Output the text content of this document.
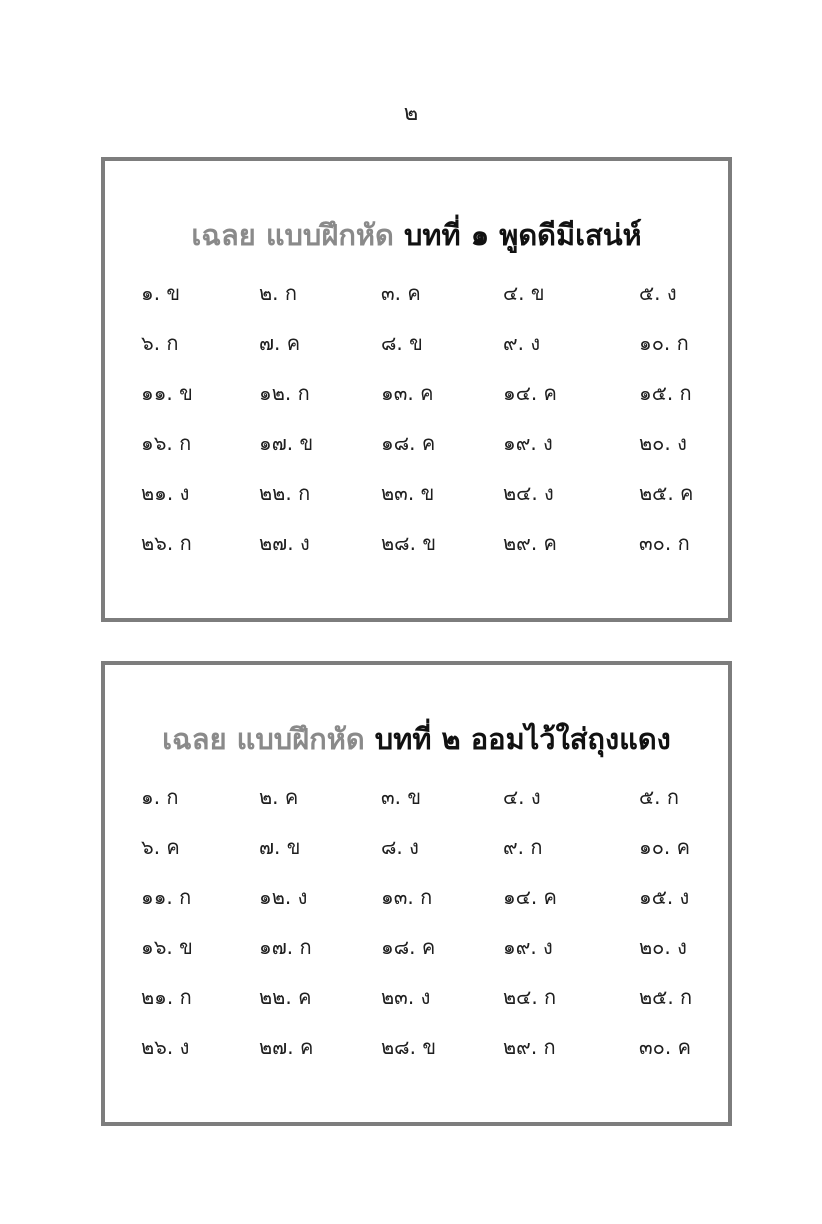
๒
เฉลย แบบฝึกหัด บทที่ ๑ พูดดีมีเสน่ห์
๑. ข	๒. ก	๓. ค	๔. ข	๕. ง
๖. ก	๗. ค	๘. ข	๙. ง	๑๐. ก
๑๑. ข	๑๒. ก	๑๓. ค	๑๔. ค	๑๕. ก
๑๖. ก	๑๗. ข	๑๘. ค	๑๙. ง	๒๐. ง
๒๑. ง	๒๒. ก	๒๓. ข	๒๔. ง	๒๕. ค
๒๖. ก	๒๗. ง	๒๘. ข	๒๙. ค	๓๐. ก
เฉลย แบบฝึกหัด บทที่ ๒ ออมไว้ใส่ถุงแดง
๑. ก	๒. ค	๓. ข	๔. ง	๕. ก
๖. ค	๗. ข	๘. ง	๙. ก	๑๐. ค
๑๑. ก	๑๒. ง	๑๓. ก	๑๔. ค	๑๕. ง
๑๖. ข	๑๗. ก	๑๘. ค	๑๙. ง	๒๐. ง
๒๑. ก	๒๒. ค	๒๓. ง	๒๔. ก	๒๕. ก
๒๖. ง	๒๗. ค	๒๘. ข	๒๙. ก	๓๐. ค
